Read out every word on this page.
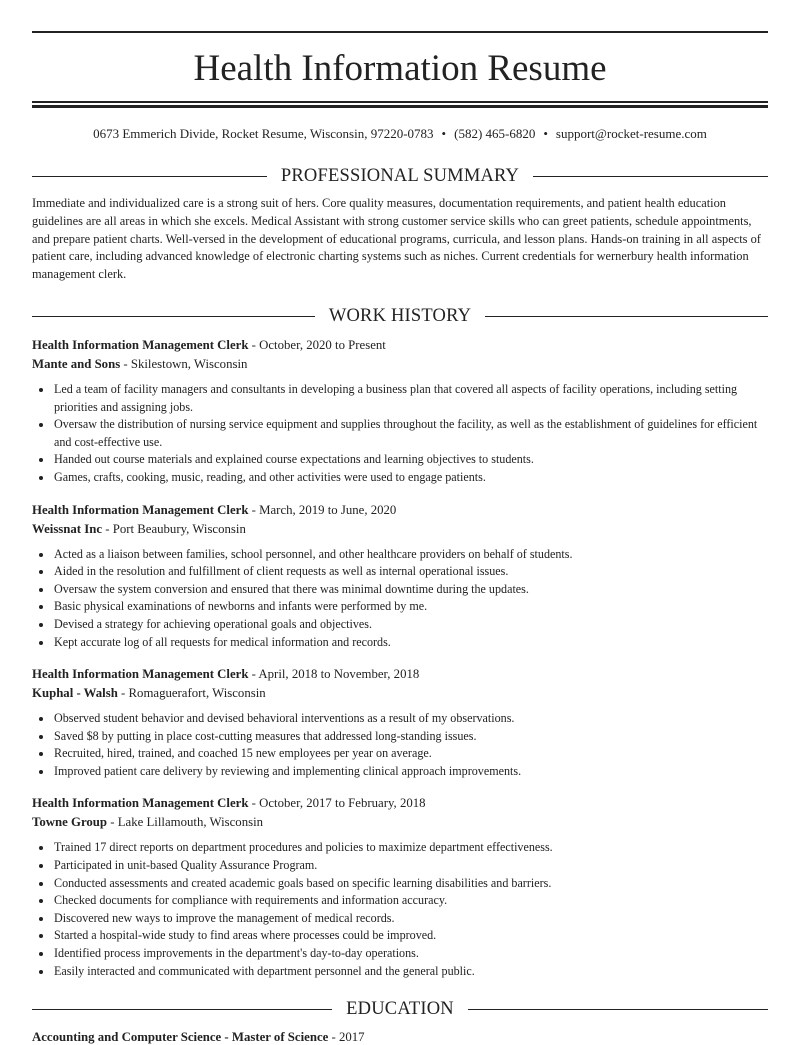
Health Information Resume
0673 Emmerich Divide, Rocket Resume, Wisconsin, 97220-0783 • (582) 465-6820 • support@rocket-resume.com
PROFESSIONAL SUMMARY
Immediate and individualized care is a strong suit of hers. Core quality measures, documentation requirements, and patient health education guidelines are all areas in which she excels. Medical Assistant with strong customer service skills who can greet patients, schedule appointments, and prepare patient charts. Well-versed in the development of educational programs, curricula, and lesson plans. Hands-on training in all aspects of patient care, including advanced knowledge of electronic charting systems such as niches. Current credentials for wernerbury health information management clerk.
WORK HISTORY
Health Information Management Clerk - October, 2020 to Present
Mante and Sons - Skilestown, Wisconsin
• Led a team of facility managers and consultants in developing a business plan that covered all aspects of facility operations, including setting priorities and assigning jobs.
• Oversaw the distribution of nursing service equipment and supplies throughout the facility, as well as the establishment of guidelines for efficient and cost-effective use.
• Handed out course materials and explained course expectations and learning objectives to students.
• Games, crafts, cooking, music, reading, and other activities were used to engage patients.
Health Information Management Clerk - March, 2019 to June, 2020
Weissnat Inc - Port Beaubury, Wisconsin
• Acted as a liaison between families, school personnel, and other healthcare providers on behalf of students.
• Aided in the resolution and fulfillment of client requests as well as internal operational issues.
• Oversaw the system conversion and ensured that there was minimal downtime during the updates.
• Basic physical examinations of newborns and infants were performed by me.
• Devised a strategy for achieving operational goals and objectives.
• Kept accurate log of all requests for medical information and records.
Health Information Management Clerk - April, 2018 to November, 2018
Kuphal - Walsh - Romaguerafort, Wisconsin
• Observed student behavior and devised behavioral interventions as a result of my observations.
• Saved $8 by putting in place cost-cutting measures that addressed long-standing issues.
• Recruited, hired, trained, and coached 15 new employees per year on average.
• Improved patient care delivery by reviewing and implementing clinical approach improvements.
Health Information Management Clerk - October, 2017 to February, 2018
Towne Group - Lake Lillamouth, Wisconsin
• Trained 17 direct reports on department procedures and policies to maximize department effectiveness.
• Participated in unit-based Quality Assurance Program.
• Conducted assessments and created academic goals based on specific learning disabilities and barriers.
• Checked documents for compliance with requirements and information accuracy.
• Discovered new ways to improve the management of medical records.
• Started a hospital-wide study to find areas where processes could be improved.
• Identified process improvements in the department's day-to-day operations.
• Easily interacted and communicated with department personnel and the general public.
EDUCATION
Accounting and Computer Science - Master of Science - 2017
